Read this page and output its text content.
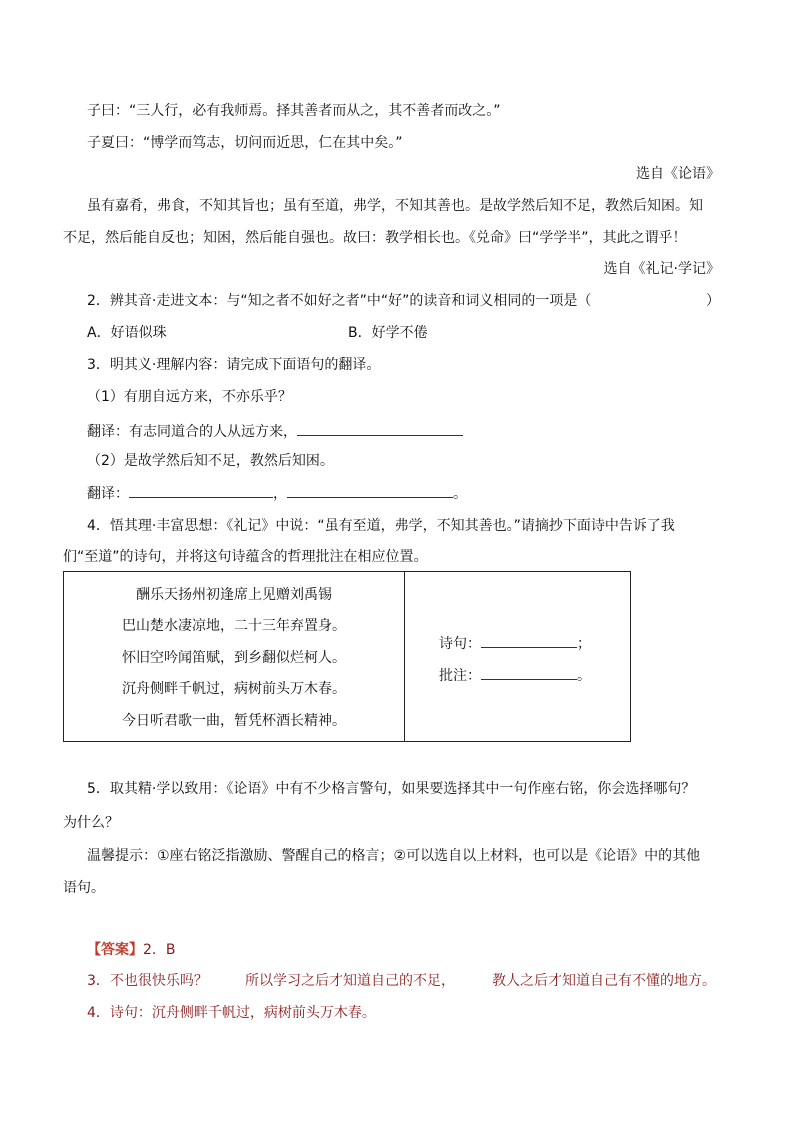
子曰：“三人行，必有我师焉。择其善者而从之，其不善者而改之。”
子夏曰：“博学而笃志，切问而近思，仁在其中矣。”
选自《论语》
虽有嘉肴，弗食，不知其旨也；虽有至道，弗学，不知其善也。是故学然后知不足，教然后知困。知
不足，然后能自反也；知困，然后能自强也。故曰：教学相长也。《兑命》曰“学学半”，其此之谓乎！
选自《礼记·学记》
2．辨其音·走进文本：与“知之者不如好之者”中“好”的读音和词义相同的一项是（	）
A．好语似珠	B．好学不倦
3．明其义·理解内容：请完成下面语句的翻译。
（1）有朋自远方来，不亦乐乎？
翻译：有志同道合的人从远方来，
（2）是故学然后知不足，教然后知困。
翻译：	，	。
4．悟其理·丰富思想：《礼记》中说：“虽有至道，弗学，不知其善也。”请摘抄下面诗中告诉了我
们“至道”的诗句，并将这句诗蕴含的哲理批注在相应位置。
酬乐天扬州初逢席上见赠刘禹锡
巴山楚水凄凉地，二十三年弃置身。
怀旧空吟闻笛赋，到乡翻似烂柯人。
沉舟侧畔千帆过，病树前头万木春。
今日听君歌一曲，暂凭杯酒长精神。
诗句：	；
批注：	。
5．取其精·学以致用：《论语》中有不少格言警句，如果要选择其中一句作座右铭，你会选择哪句？
为什么？
温馨提示：①座右铭泛指激励、警醒自己的格言；②可以选自以上材料，也可以是《论语》中的其他
语句。
【答案】2．B
3．不也很快乐吗？	所以学习之后才知道自己的不足，	教人之后才知道自己有不懂的地方。
4．诗句：沉舟侧畔千帆过，病树前头万木春。
